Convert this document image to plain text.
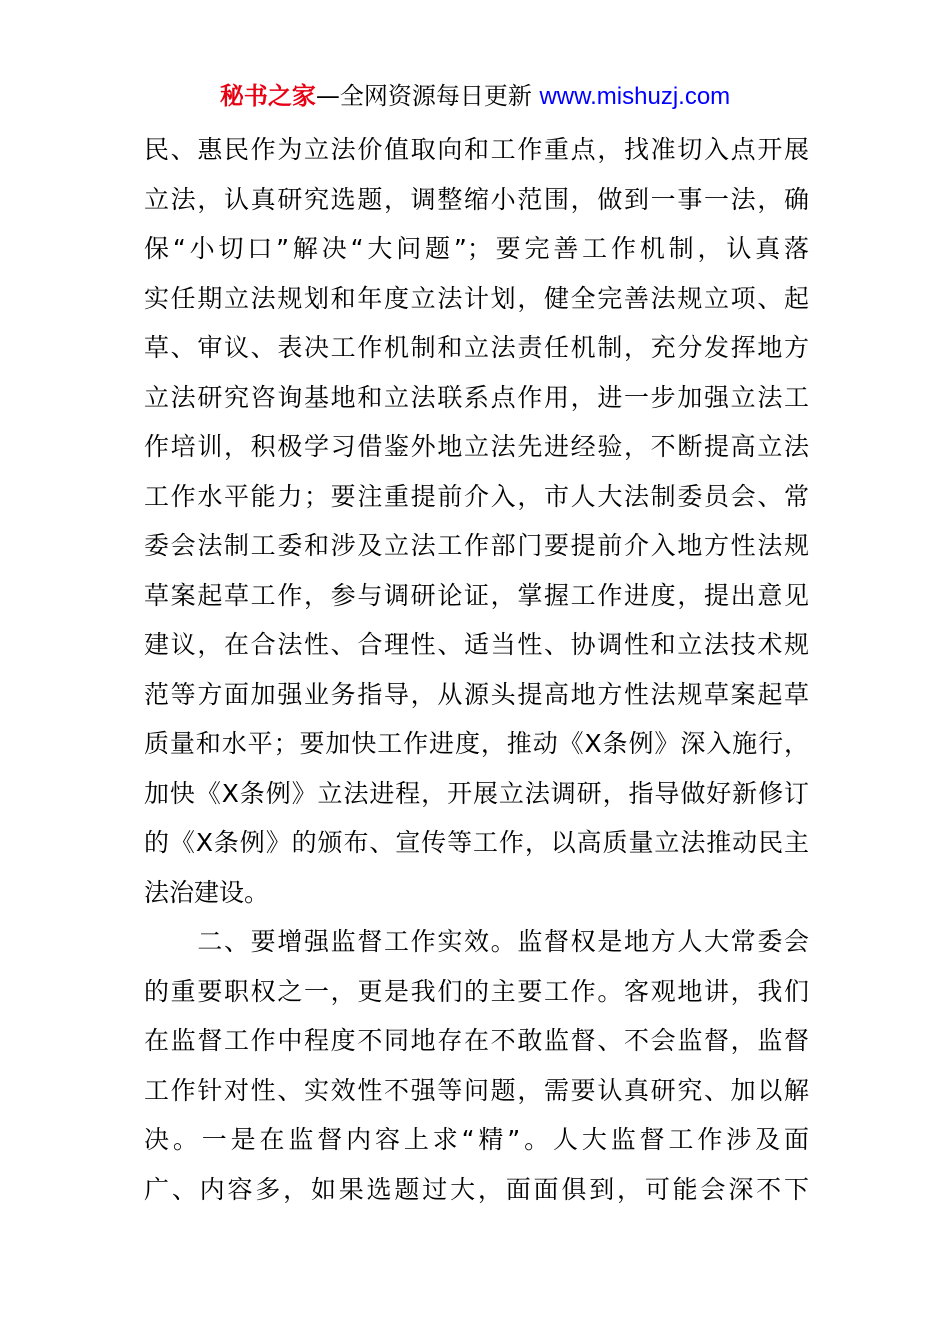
秘书之家—全网资源每日更新 www.mishuzj.com
民、惠民作为立法价值取向和工作重点，找准切入点开展
立法，认真研究选题，调整缩小范围，做到一事一法，确
保“小切口”解决“大问题”；要完善工作机制，认真落
实任期立法规划和年度立法计划，健全完善法规立项、起
草、审议、表决工作机制和立法责任机制，充分发挥地方
立法研究咨询基地和立法联系点作用，进一步加强立法工
作培训，积极学习借鉴外地立法先进经验，不断提高立法
工作水平能力；要注重提前介入，市人大法制委员会、常
委会法制工委和涉及立法工作部门要提前介入地方性法规
草案起草工作，参与调研论证，掌握工作进度，提出意见
建议，在合法性、合理性、适当性、协调性和立法技术规
范等方面加强业务指导，从源头提高地方性法规草案起草
质量和水平；要加快工作进度，推动《X条例》深入施行，
加快《X条例》立法进程，开展立法调研，指导做好新修订
的《X条例》的颁布、宣传等工作，以高质量立法推动民主
法治建设。
　　二、要增强监督工作实效。监督权是地方人大常委会
的重要职权之一，更是我们的主要工作。客观地讲，我们
在监督工作中程度不同地存在不敢监督、不会监督，监督
工作针对性、实效性不强等问题，需要认真研究、加以解
决。一是在监督内容上求“精”。人大监督工作涉及面
广、内容多，如果选题过大，面面俱到，可能会深不下
